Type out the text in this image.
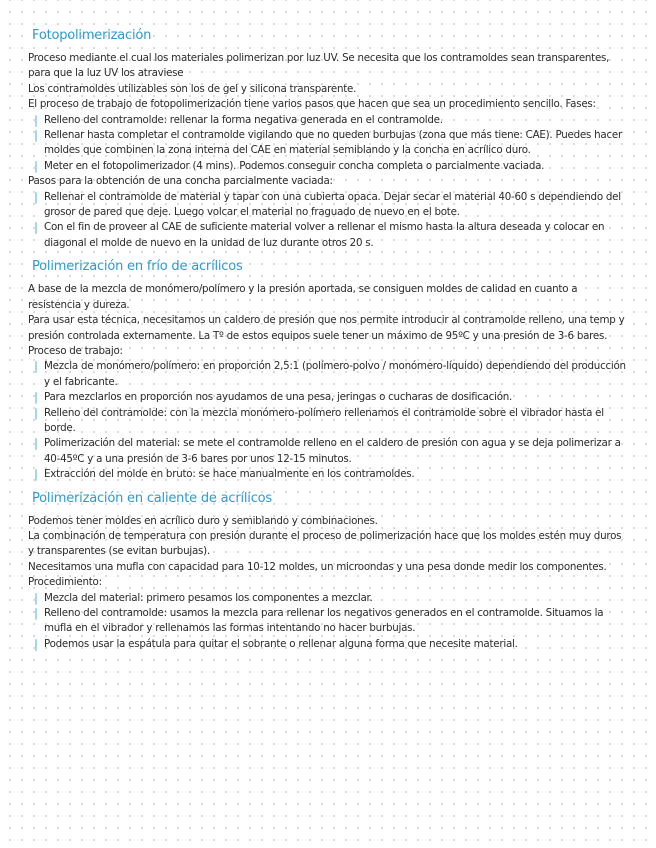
Fotopolimerización

Proceso mediante el cual los materiales polimerizan por luz UV. Se necesita que los contramoldes sean transparentes, para que la luz UV los atraviese

Los contramoldes utilizables son los de gel y silicona transparente.

El proceso de trabajo de fotopolimerización tiene varios pasos que hacen que sea un procedimiento sencillo. Fases:

Relleno del contramolde: rellenar la forma negativa generada en el contramolde.
Rellenar hasta completar el contramolde vigilando que no queden burbujas (zona que más tiene: CAE). Puedes hacer moldes que combinen la zona interna del CAE en material semiblando y la concha en acrílico duro.
Meter en el fotopolimerizador (4 mins). Podemos conseguir concha completa o parcialmente vaciada.

Pasos para la obtención de una concha parcialmente vaciada:

Rellenar el contramolde de material y tapar con una cubierta opaca. Dejar secar el material 40-60 s dependiendo del grosor de pared que deje. Luego volcar el material no fraguado de nuevo en el bote.
Con el fin de proveer al CAE de suficiente material volver a rellenar el mismo hasta la altura deseada y colocar en diagonal el molde de nuevo en la unidad de luz durante otros 20 s.
Polimerización en frío de acrílicos

A base de la mezcla de monómero/polímero y la presión aportada, se consiguen moldes de calidad en cuanto a resistencia y dureza.

Para usar esta técnica, necesitamos un caldero de presión que nos permite introducir al contramolde relleno, una temp y presión controlada externamente. La Tº de estos equipos suele tener un máximo de 95ºC y una presión de 3-6 bares. Proceso de trabajo:

Mezcla de monómero/polímero: en proporción 2,5:1 (polímero-polvo / monómero-líquido) dependiendo del producción y el fabricante.
Para mezclarlos en proporción nos ayudamos de una pesa, jeringas o cucharas de dosificación.
Relleno del contramolde: con la mezcla monómero-polímero rellenamos el contramolde sobre el vibrador hasta el borde.
Polimerización del material: se mete el contramolde relleno en el caldero de presión con agua y se deja polimerizar a 40-45ºC y a una presión de 3-6 bares por unos 12-15 minutos.
Extracción del molde en bruto: se hace manualmente en los contramoldes.
Polimerización en caliente de acrílicos

Podemos tener moldes en acrílico duro y semiblando y combinaciones.

La combinación de temperatura con presión durante el proceso de polimerización hace que los moldes estén muy duros y transparentes (se evitan burbujas).

Necesitamos una mufla con capacidad para 10-12 moldes, un microondas y una pesa donde medir los componentes. Procedimiento:

Mezcla del material: primero pesamos los componentes a mezclar.
Relleno del contramolde: usamos la mezcla para rellenar los negativos generados en el contramolde. Situamos la mufla en el vibrador y rellenamos las formas intentando no hacer burbujas.
Podemos usar la espátula para quitar el sobrante o rellenar alguna forma que necesite material.
